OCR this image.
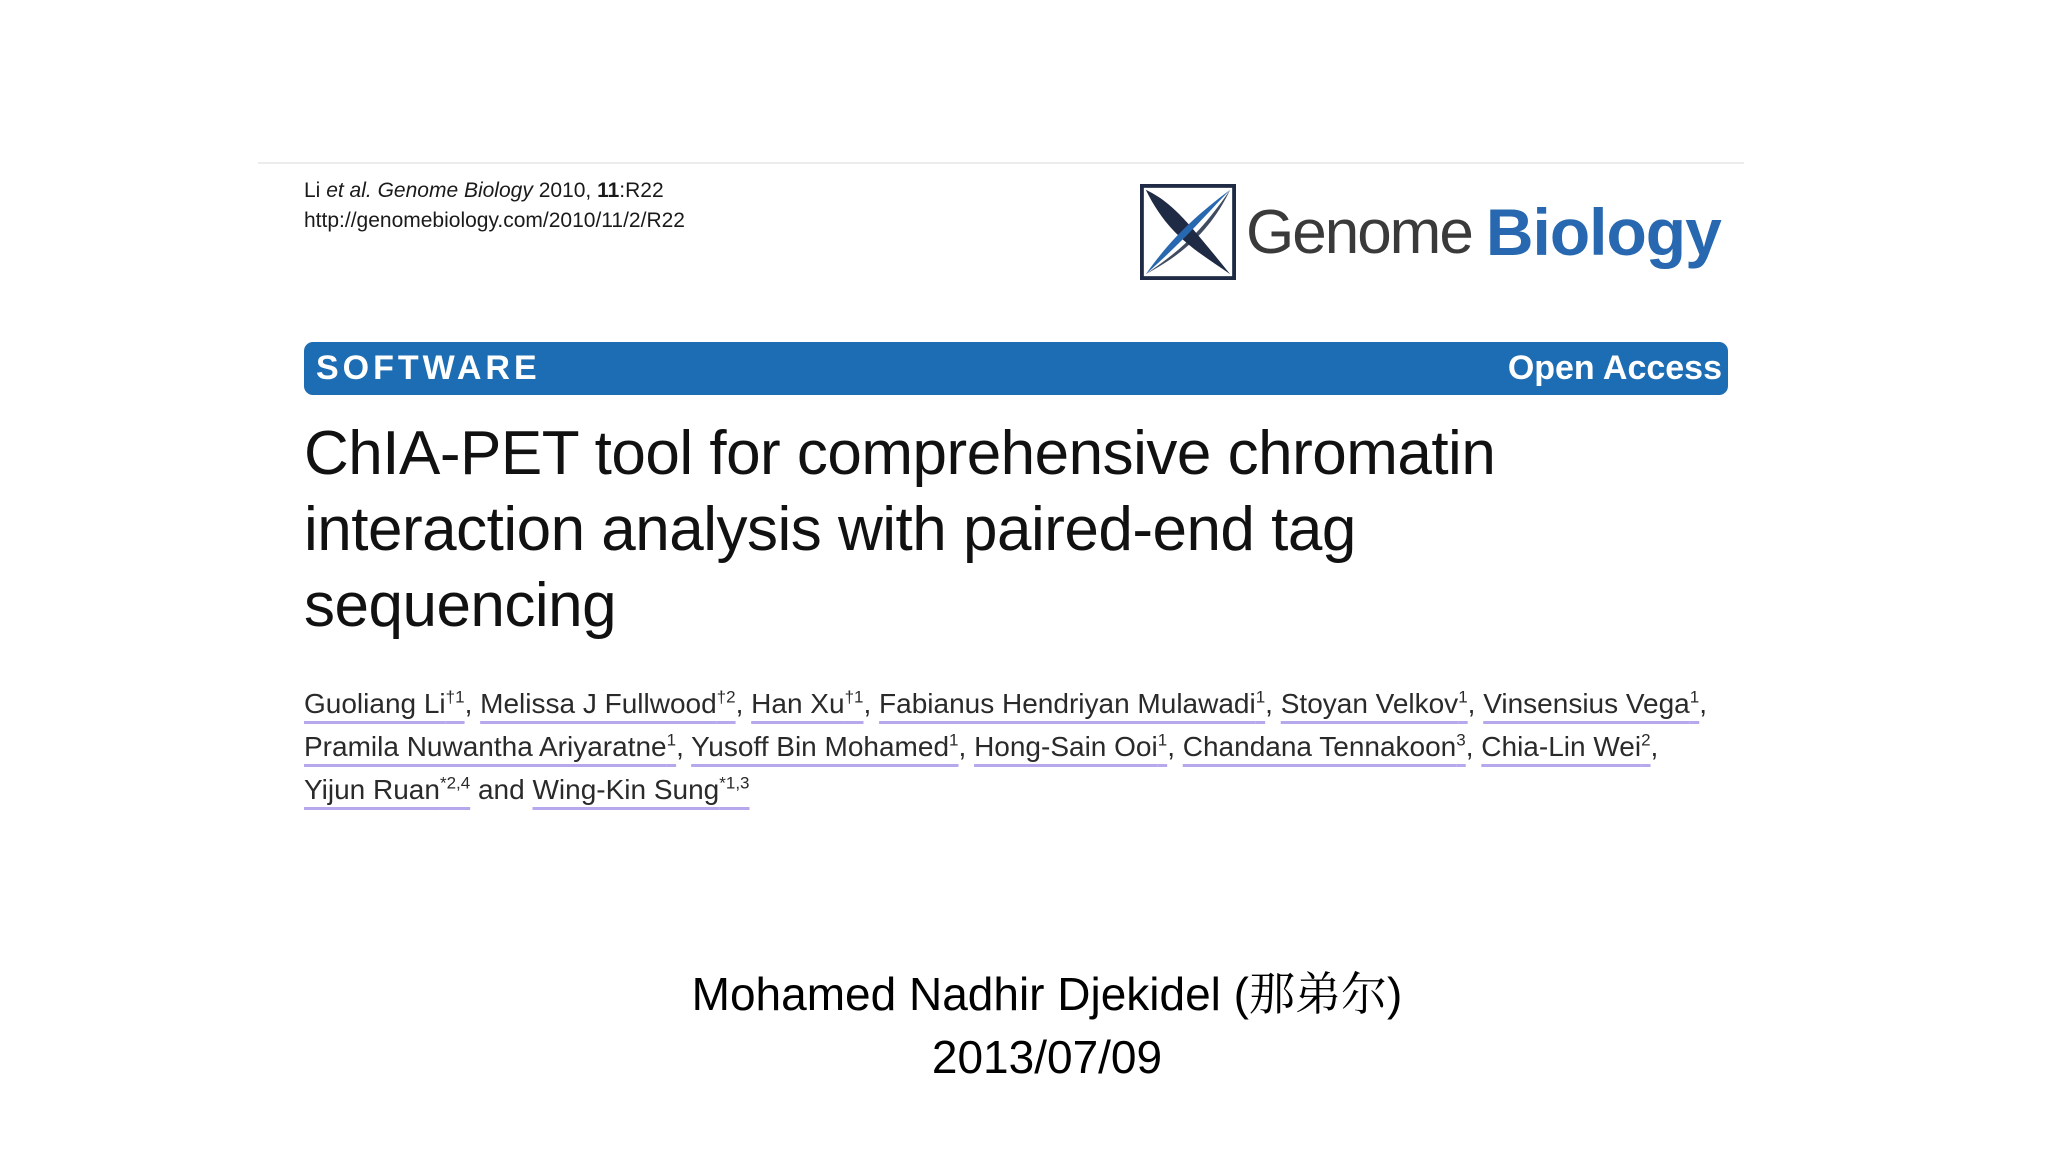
Li et al. Genome Biology 2010, 11:R22
http://genomebiology.com/2010/11/2/R22	Genome Biology
SOFTWARE	Open Access
ChIA-PET tool for comprehensive chromatin
interaction analysis with paired-end tag
sequencing
Guoliang Li$^{\dagger 1}$, Melissa J Fullwood$^{\dagger 2}$, Han Xu$^{\dagger 1}$, Fabianus Hendriyan Mulawadi$^1$, Stoyan Velkov$^1$, Vinsensius Vega$^1$,
Pramila Nuwantha Ariyaratne$^1$, Yusoff Bin Mohamed$^1$, Hong-Sain Ooi$^1$, Chandana Tennakoon$^3$, Chia-Lin Wei$^2$,
Yijun Ruan$^{*2,4}$ and Wing-Kin Sung$^{*1,3}$
Mohamed Nadhir Djekidel (那弟尔)
2013/07/09
